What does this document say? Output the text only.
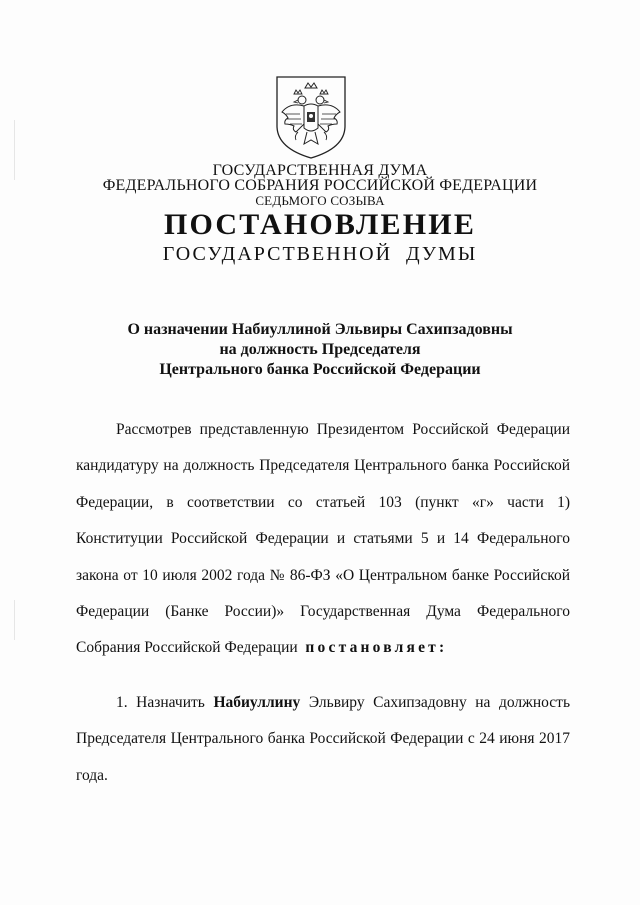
ГОСУДАРСТВЕННАЯ ДУМА
ФЕДЕРАЛЬНОГО СОБРАНИЯ РОССИЙСКОЙ ФЕДЕРАЦИИ
СЕДЬМОГО СОЗЫВА
ПОСТАНОВЛЕНИЕ
ГОСУДАРСТВЕННОЙ  ДУМЫ
О назначении Набиуллиной Эльвиры Сахипзадовны
на должность Председателя
Центрального банка Российской Федерации
Рассмотрев представленную Президентом Российской Федерации кандидатуру на должность Председателя Центрального банка Российской Федерации, в соответствии со статьей 103 (пункт «г» части 1) Конституции Российской Федерации и статьями 5 и 14 Федерального закона от 10 июля 2002 года № 86-ФЗ «О Центральном банке Российской Федерации (Банке России)» Государственная Дума Федерального Собрания Российской Федерации постановляет:
1. Назначить Набиуллину Эльвиру Сахипзадовну на должность Председателя Центрального банка Российской Федерации с 24 июня 2017 года.
